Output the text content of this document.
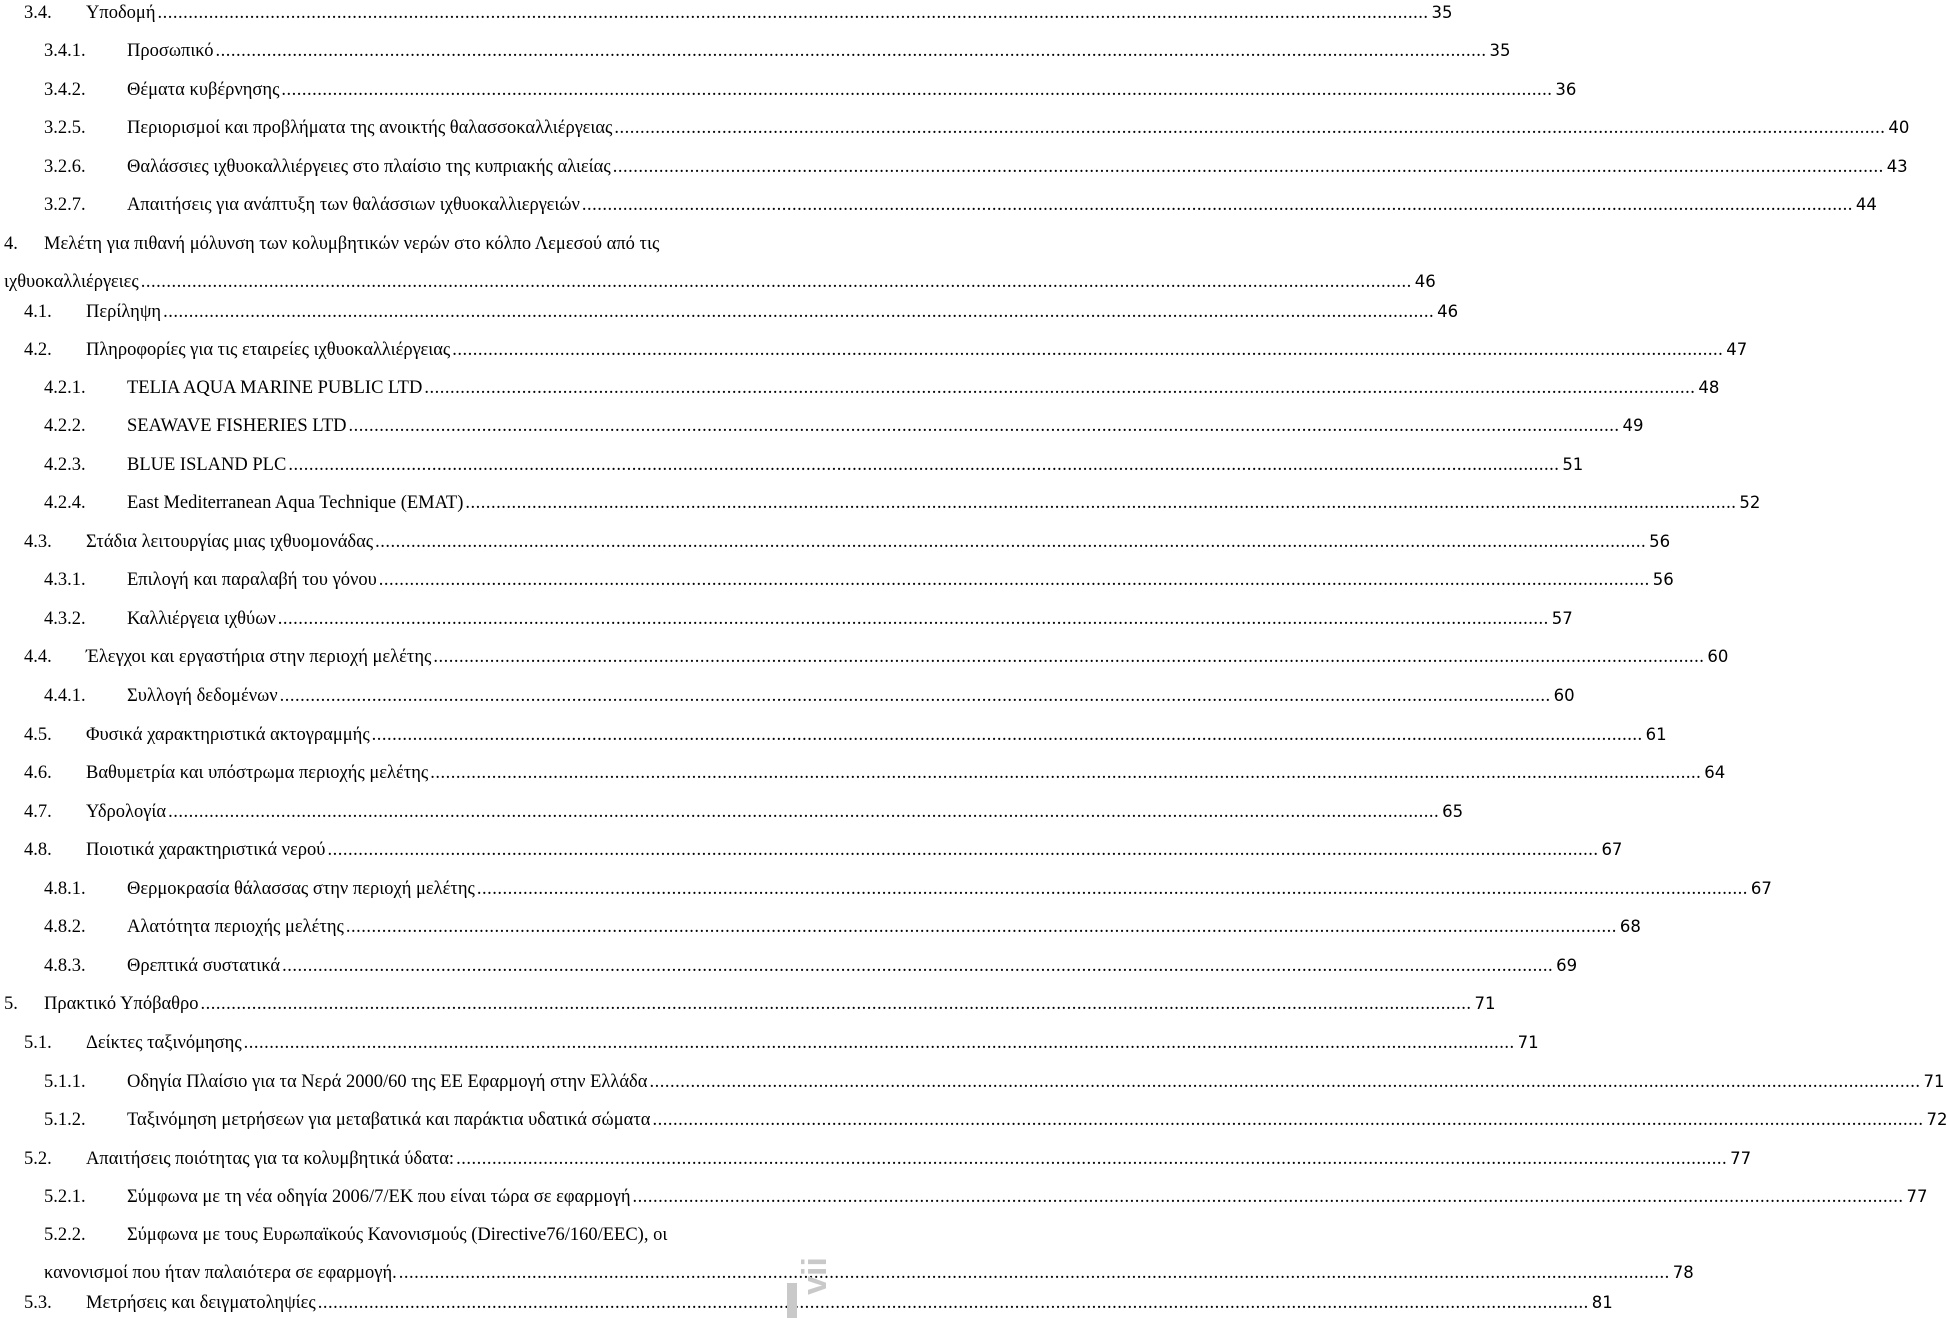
3.4.	Υποδομή .....	35
3.4.1.	Προσωπικό .....	35
3.4.2.	Θέματα κυβέρνησης .....	36
3.2.5.	Περιορισμοί και προβλήματα της ανοικτής θαλασσοκαλλιέργειας .....	40
3.2.6.	Θαλάσσιες ιχθυοκαλλιέργειες στο πλαίσιο της κυπριακής αλιείας .....	43
3.2.7.	Απαιτήσεις για ανάπτυξη των θαλάσσιων ιχθυοκαλλιεργειών .....	44
4.	Μελέτη για πιθανή μόλυνση των κολυμβητικών νερών στο κόλπο Λεμεσού από τις
ιχθυοκαλλιέργειες .....	46
4.1.	Περίληψη .....	46
4.2.	Πληροφορίες για τις εταιρείες ιχθυοκαλλιέργειας .....	47
4.2.1.	TELIA AQUA MARINE PUBLIC LTD .....	48
4.2.2.	SEAWAVE FISHERIES LTD .....	49
4.2.3.	BLUE ISLAND PLC .....	51
4.2.4.	East Mediterranean Aqua Technique (EMAT) .....	52
4.3.	Στάδια λειτουργίας μιας ιχθυομονάδας .....	56
4.3.1.	Επιλογή και παραλαβή του γόνου .....	56
4.3.2.	Καλλιέργεια ιχθύων .....	57
4.4.	Έλεγχοι και εργαστήρια στην περιοχή μελέτης .....	60
4.4.1.	Συλλογή δεδομένων .....	60
4.5.	Φυσικά χαρακτηριστικά ακτογραμμής .....	61
4.6.	Βαθυμετρία και υπόστρωμα περιοχής μελέτης .....	64
4.7.	Υδρολογία .....	65
4.8.	Ποιοτικά χαρακτηριστικά νερού .....	67
4.8.1.	Θερμοκρασία θάλασσας στην περιοχή μελέτης .....	67
4.8.2.	Αλατότητα περιοχής μελέτης .....	68
4.8.3.	Θρεπτικά συστατικά .....	69
5.	Πρακτικό Υπόβαθρο .....	71
5.1.	Δείκτες ταξινόμησης .....	71
5.1.1.	Οδηγία Πλαίσιο για τα Νερά 2000/60 της ΕΕ Εφαρμογή στην Ελλάδα .....	71
5.1.2.	Ταξινόμηση μετρήσεων για μεταβατικά και παράκτια υδατικά σώματα .....	72
5.2.	Απαιτήσεις ποιότητας για τα κολυμβητικά ύδατα: .....	77
5.2.1.	Σύμφωνα με τη νέα οδηγία 2006/7/ΕΚ που είναι τώρα σε εφαρμογή .....	77
5.2.2.	Σύμφωνα με τους Ευρωπαϊκούς Κανονισμούς (Directive76/160/EEC), οι
κανονισμοί που ήταν παλαιότερα σε εφαρμογή. .....	78
5.3.	Μετρήσεις και δειγματοληψίες .....	81
vii
